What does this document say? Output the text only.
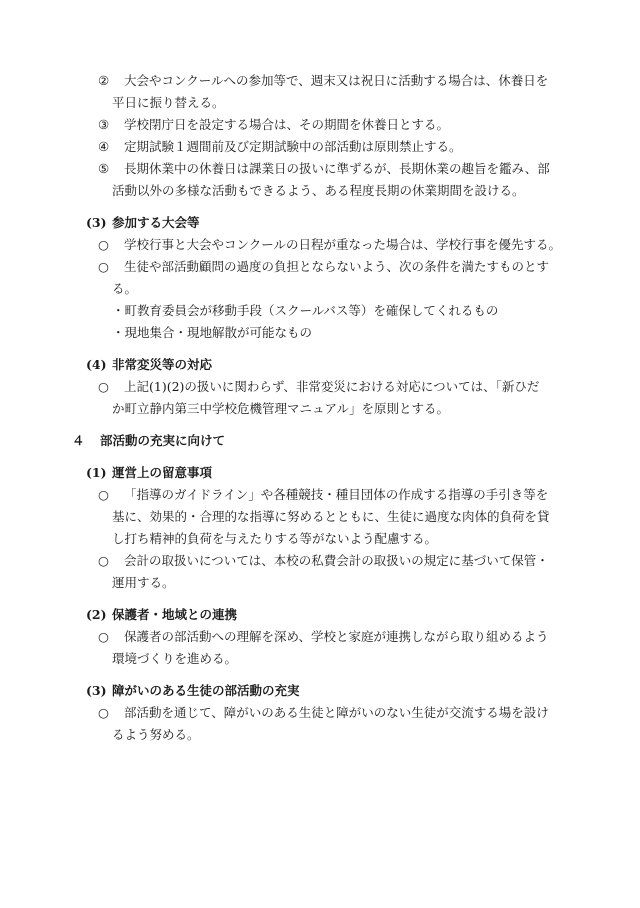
② 大会やコンクールへの参加等で、週末又は祝日に活動する場合は、休養日を
平日に振り替える。
③ 学校閉庁日を設定する場合は、その期間を休養日とする。
④ 定期試験１週間前及び定期試験中の部活動は原則禁止する。
⑤ 長期休業中の休養日は課業日の扱いに準ずるが、長期休業の趣旨を鑑み、部
活動以外の多様な活動もできるよう、ある程度長期の休業期間を設ける。
(3) 参加する大会等
○ 学校行事と大会やコンクールの日程が重なった場合は、学校行事を優先する。
○ 生徒や部活動顧問の過度の負担とならないよう、次の条件を満たすものとす
る。
・町教育委員会が移動手段（スクールバス等）を確保してくれるもの
・現地集合・現地解散が可能なもの
(4) 非常変災等の対応
○ 上記(1)(2)の扱いに関わらず、非常変災における対応については、「新ひだ
か町立静内第三中学校危機管理マニュアル」を原則とする。
４ 部活動の充実に向けて
(1) 運営上の留意事項
○ 「指導のガイドライン」や各種競技・種目団体の作成する指導の手引き等を
基に、効果的・合理的な指導に努めるとともに、生徒に過度な肉体的負荷を貸
し打ち精神的負荷を与えたりする等がないよう配慮する。
○ 会計の取扱いについては、本校の私費会計の取扱いの規定に基づいて保管・
運用する。
(2) 保護者・地域との連携
○ 保護者の部活動への理解を深め、学校と家庭が連携しながら取り組めるよう
環境づくりを進める。
(3) 障がいのある生徒の部活動の充実
○ 部活動を通じて、障がいのある生徒と障がいのない生徒が交流する場を設け
るよう努める。
